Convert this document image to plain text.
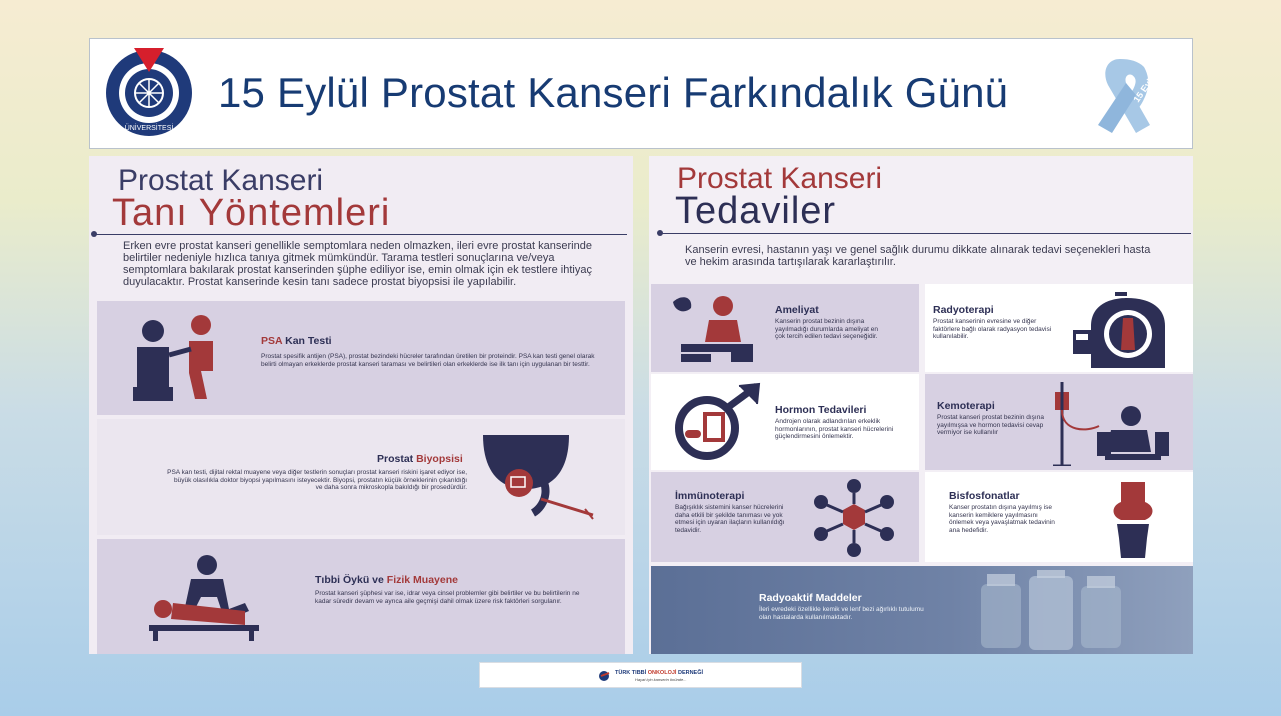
ÜNİVERSİTESİ
15 Eylül Prostat Kanseri Farkındalık Günü	15 Eylül
Prostat Kanseri
Tanı Yöntemleri
Erken evre prostat kanseri genellikle semptomlara neden olmazken, ileri evre prostat kanserinde belirtiler nedeniyle hızlıca tanıya gitmek mümkündür. Tarama testleri sonuçlarına ve/veya semptomlara bakılarak prostat kanserinden şüphe ediliyor ise, emin olmak için ek testlere ihtiyaç duyulacaktır. Prostat kanserinde kesin tanı sadece prostat biyopsisi ile yapılabilir.
PSA Kan Testi
Prostat spesifik antijen (PSA), prostat bezindeki hücreler tarafından üretilen bir proteindir. PSA kan testi genel olarak belirti olmayan erkeklerde prostat kanseri taraması ve belirtileri olan erkeklerde ise ilk tanı için uygulanan bir testtir.
Prostat Biyopsisi
PSA kan testi, dijital rektal muayene veya diğer testlerin sonuçları prostat kanseri riskini işaret ediyor ise, büyük olasılıkla doktor biyopsi yapılmasını isteyecektir. Biyopsi, prostatın küçük örneklerinin çıkarıldığı ve daha sonra mikroskopla bakıldığı bir prosedürdür.
Tıbbi Öykü ve Fizik Muayene
Prostat kanseri şüphesi var ise, idrar veya cinsel problemler gibi belirtiler ve bu belirtilerin ne kadar süredir devam ve ayrıca aile geçmişi dahil olmak üzere risk faktörleri sorgulanır.
Prostat Kanseri
Tedaviler
Kanserin evresi, hastanın yaşı ve genel sağlık durumu dikkate alınarak tedavi seçenekleri hasta ve hekim arasında tartışılarak kararlaştırılır.
Ameliyat
Kanserin prostat bezinin dışına yayılmadığı durumlarda ameliyat en çok tercih edilen tedavi seçeneğidir.
Radyoterapi
Prostat kanserinin evresine ve diğer faktörlere bağlı olarak radyasyon tedavisi kullanılabilir.
Hormon Tedavileri
Androjen olarak adlandırılan erkeklik hormonlarının, prostat kanseri hücrelerini güçlendirmesini önlemektir.
Kemoterapi
Prostat kanseri prostat bezinin dışına yayılmışsa ve hormon tedavisi cevap vermiyor ise kullanılır
İmmünoterapi
Bağışıklık sistemini kanser hücrelerini daha etkili bir şekilde tanıması ve yok etmesi için uyaran ilaçların kullanıldığı tedavidir.
Bisfosfonatlar
Kanser prostatın dışına yayılmış ise kanserin kemiklere yayılmasını önlemek veya yavaşlatmak tedavinin ana hedefidir.
Radyoaktif Maddeler
İleri evredeki özellikle kemik ve lenf bezi ağırlıklı tutulumu olan hastalarda kullanılmaktadır.
TÜRK TIBBİ ONKOLOJİ DERNEĞİ
Hayat için kanserin önünde...
